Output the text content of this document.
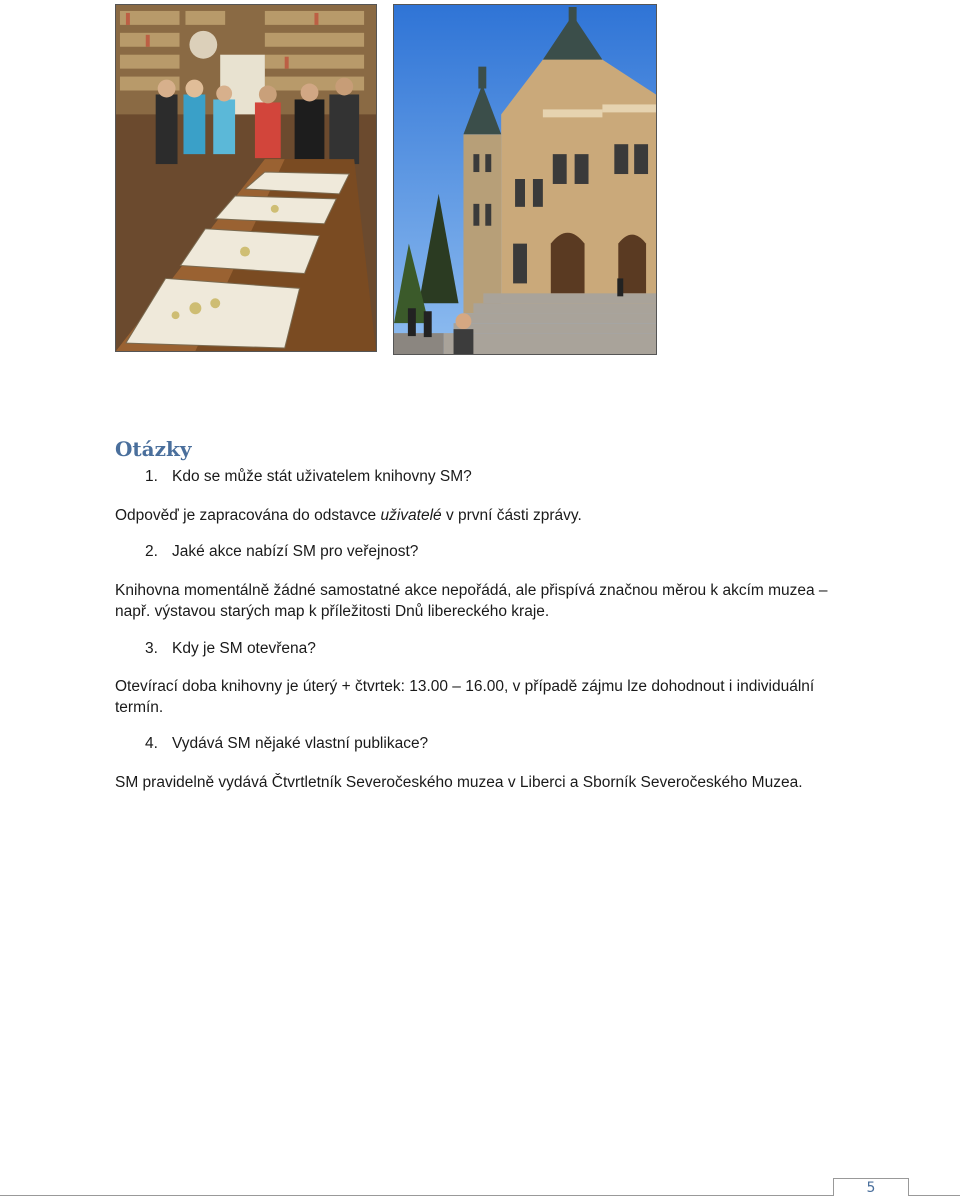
Otázky
1. Kdo se může stát uživatelem knihovny SM?

Odpověď je zapracována do odstavce uživatelé v první části zprávy.

2. Jaké akce nabízí SM pro veřejnost?

Knihovna momentálně žádné samostatné akce nepořádá, ale přispívá značnou měrou k akcím muzea – např. výstavou starých map k příležitosti Dnů libereckého kraje.

3. Kdy je SM otevřena?

Otevírací doba knihovny je úterý + čtvrtek: 13.00 – 16.00, v případě zájmu lze dohodnout i individuální termín.

4. Vydává SM nějaké vlastní publikace?

SM pravidelně vydává Čtvrtletník Severočeského muzea v Liberci a Sborník Severočeského Muzea.

5
